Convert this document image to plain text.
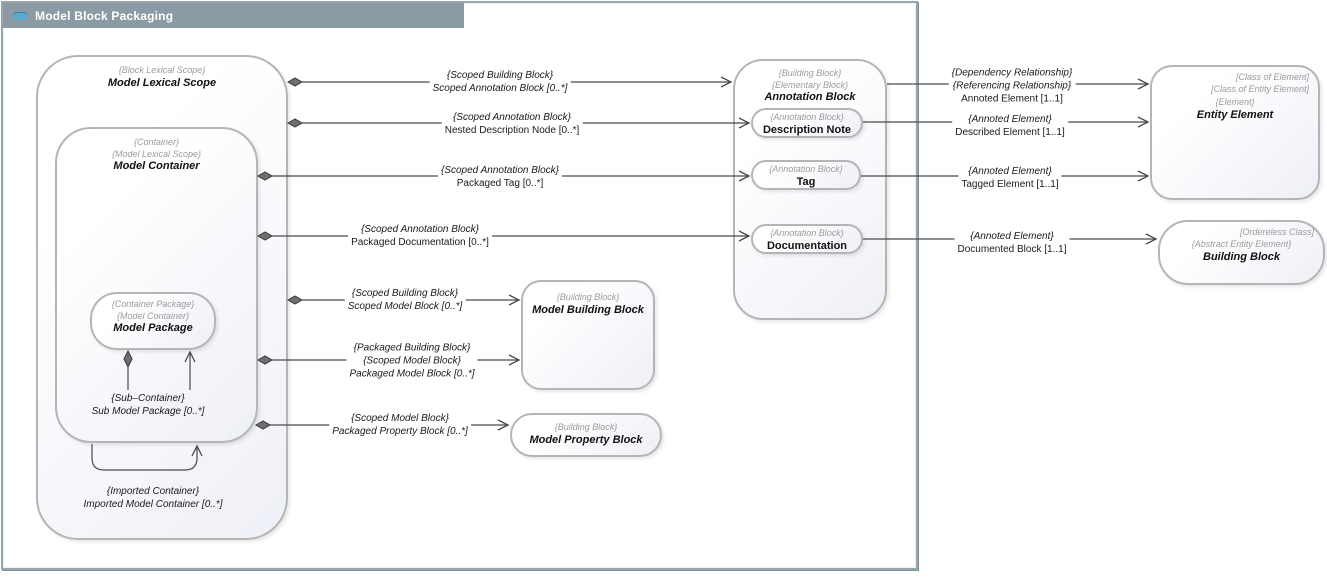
Model Block Packaging
{Block Lexical Scope}
Model Lexical Scope
{Container}
{Model Lexical Scope}
Model Container
{Container Package}
{Model Container}
Model Package
{Building Block}
{Elementary Block}
Annotation Block
{Annotation Block}
Description Note
{Annotation Block}
Tag
{Annotation Block}
Documentation
{Building Block}
Model Building Block
{Building Block}
Model Property Block
[Class of Element]
[Class of Entity Element]
{Element}
Entity Element
[Ordereless Class]
{Abstract Entity Element}
Building Block
{Scoped Building Block}
Scoped Annotation Block [0..*]
{Scoped Annotation Block}
Nested Description Node [0..*]
{Scoped Annotation Block}
Packaged Tag [0..*]
{Scoped Annotation Block}
Packaged Documentation [0..*]
{Scoped Building Block}
Scoped Model Block [0..*]
{Packaged Building Block}
{Scoped Model Block}
Packaged Model Block [0..*]
{Scoped Model Block}
Packaged Property Block [0..*]
{Dependency Relationship}
{Referencing Relationship}
Annoted Element [1..1]
{Annoted Element}
Described Element [1..1]
{Annoted Element}
Tagged Element [1..1]
{Annoted Element}
Documented Block [1..1]
{Sub–Container}
Sub Model Package [0..*]
{Imported Container}
Imported Model Container [0..*]
